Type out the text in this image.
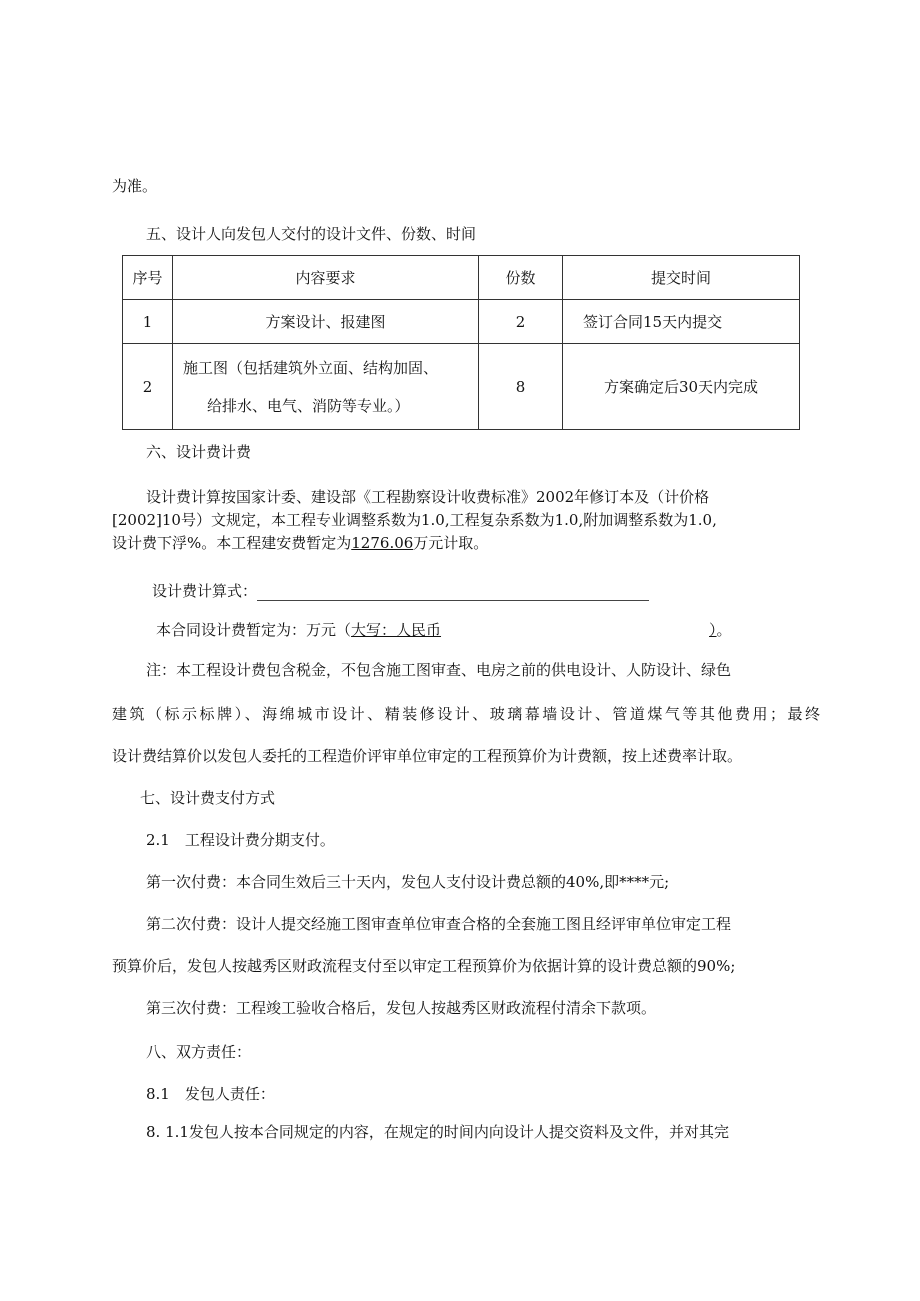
为准。
五、设计人向发包人交付的设计文件、份数、时间
序号	内容要求	份数	提交时间
1	方案设计、报建图	2	签订合同15天内提交
2	施工图（包括建筑外立面、结构加固、
给排水、电气、消防等专业。）	8	方案确定后30天内完成
六、设计费计费
设计费计算按国家计委、建设部《工程勘察设计收费标准》2002年修订本及（计价格
[2002]10号）文规定，本工程专业调整系数为1.0,工程复杂系数为1.0,附加调整系数为1.0,
设计费下浮%。本工程建安费暂定为1276.06万元计取。
设计费计算式：
本合同设计费暂定为：万元（大写：人民币	）。
注：本工程设计费包含税金，不包含施工图审查、电房之前的供电设计、人防设计、绿色
建筑（标示标牌）、海绵城市设计、精装修设计、玻璃幕墙设计、管道煤气等其他费用；最终
设计费结算价以发包人委托的工程造价评审单位审定的工程预算价为计费额，按上述费率计取。
七、设计费支付方式
2.1　工程设计费分期支付。
第一次付费：本合同生效后三十天内，发包人支付设计费总额的40%,即****元;
第二次付费：设计人提交经施工图审查单位审查合格的全套施工图且经评审单位审定工程
预算价后，发包人按越秀区财政流程支付至以审定工程预算价为依据计算的设计费总额的90%;
第三次付费：工程竣工验收合格后，发包人按越秀区财政流程付清余下款项。
八、双方责任：
8.1　发包人责任：
8. 1.1发包人按本合同规定的内容，在规定的时间内向设计人提交资料及文件，并对其完
